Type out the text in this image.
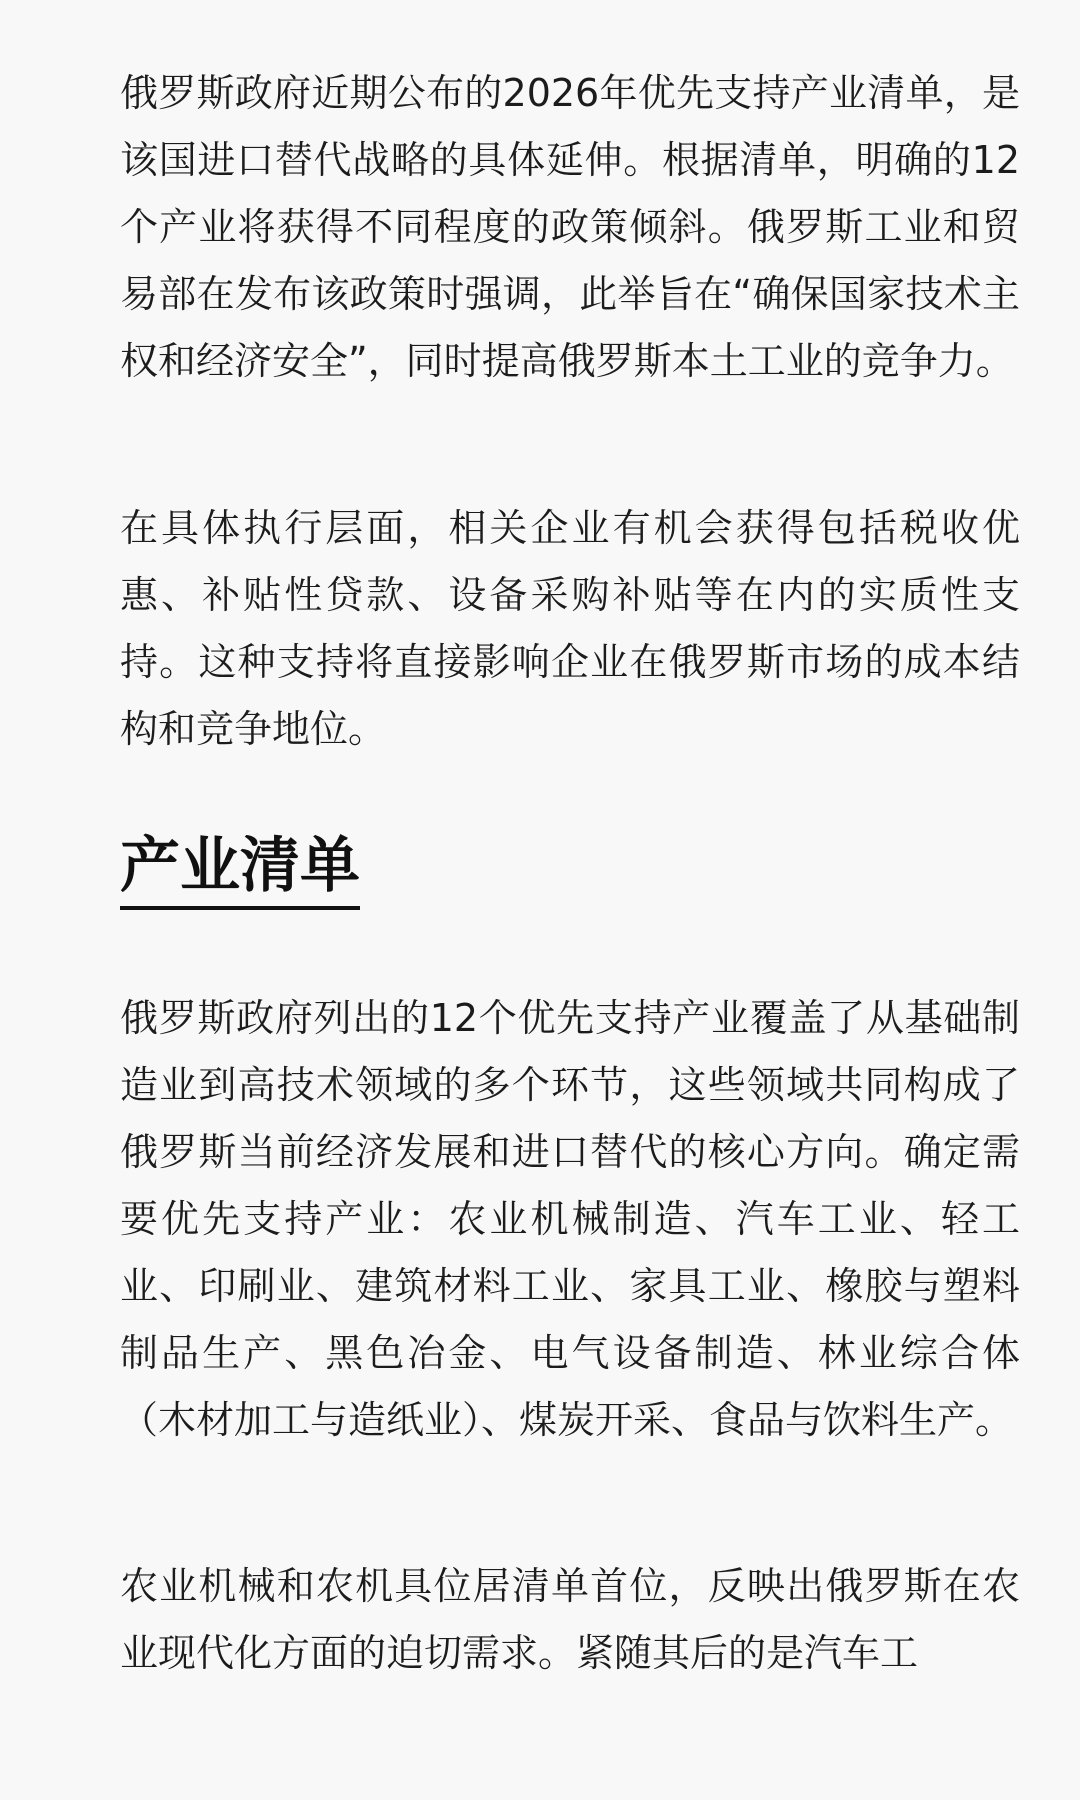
俄罗斯政府近期公布的2026年优先支持产业清单，是该国进口替代战略的具体延伸。根据清单，明确的12个产业将获得不同程度的政策倾斜。俄罗斯工业和贸易部在发布该政策时强调，此举旨在“确保国家技术主权和经济安全”，同时提高俄罗斯本土工业的竞争力。

在具体执行层面，相关企业有机会获得包括税收优惠、补贴性贷款、设备采购补贴等在内的实质性支持。这种支持将直接影响企业在俄罗斯市场的成本结构和竞争地位。

产业清单

俄罗斯政府列出的12个优先支持产业覆盖了从基础制造业到高技术领域的多个环节，这些领域共同构成了俄罗斯当前经济发展和进口替代的核心方向。确定需要优先支持产业：农业机械制造、汽车工业、轻工业、印刷业、建筑材料工业、家具工业、橡胶与塑料制品生产、黑色冶金、电气设备制造、林业综合体（木材加工与造纸业）、煤炭开采、食品与饮料生产。

农业机械和农机具位居清单首位，反映出俄罗斯在农业现代化方面的迫切需求。紧随其后的是汽车工
